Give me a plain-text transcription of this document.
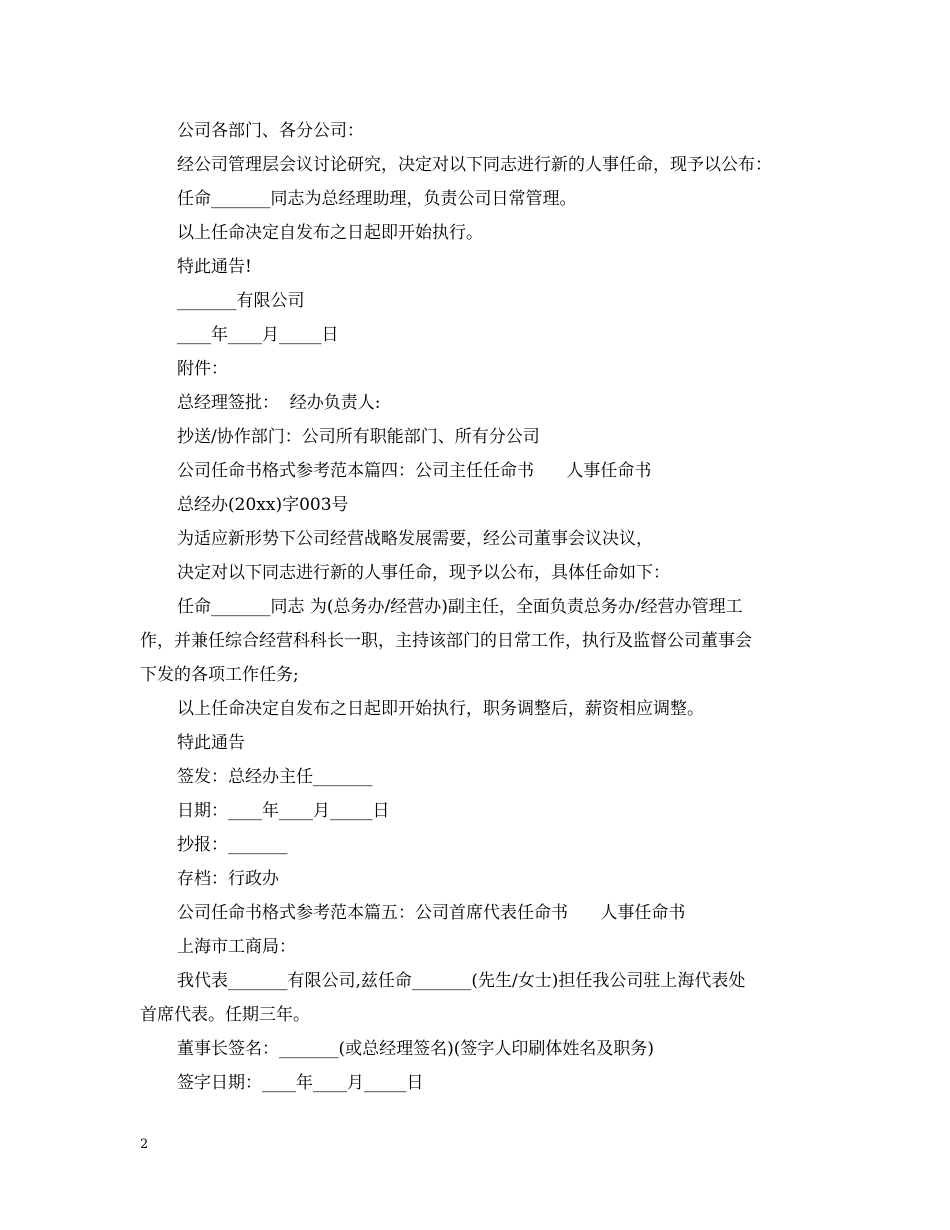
公司各部门、各分公司：
经公司管理层会议讨论研究，决定对以下同志进行新的人事任命，现予以公布：
任命_______同志为总经理助理，负责公司日常管理。
以上任命决定自发布之日起即开始执行。
特此通告!
_______有限公司
____年____月_____日
附件：
总经理签批：  经办负责人:
抄送/协作部门：公司所有职能部门、所有分公司
公司任命书格式参考范本篇四：公司主任任命书      人事任命书
总经办(20xx)字003号
为适应新形势下公司经营战略发展需要，经公司董事会议决议，
决定对以下同志进行新的人事任命，现予以公布，具体任命如下：
任命_______同志 为(总务办/经营办)副主任，全面负责总务办/经营办管理工
作，并兼任综合经营科科长一职，主持该部门的日常工作，执行及监督公司董事会
下发的各项工作任务;
以上任命决定自发布之日起即开始执行，职务调整后，薪资相应调整。
特此通告
签发：总经办主任_______
日期：____年____月_____日
抄报：_______
存档：行政办
公司任命书格式参考范本篇五：公司首席代表任命书      人事任命书
上海市工商局：
我代表_______有限公司,兹任命_______(先生/女士)担任我公司驻上海代表处
首席代表。任期三年。
董事长签名：_______(或总经理签名)(签字人印刷体姓名及职务)
签字日期：____年____月_____日
2
